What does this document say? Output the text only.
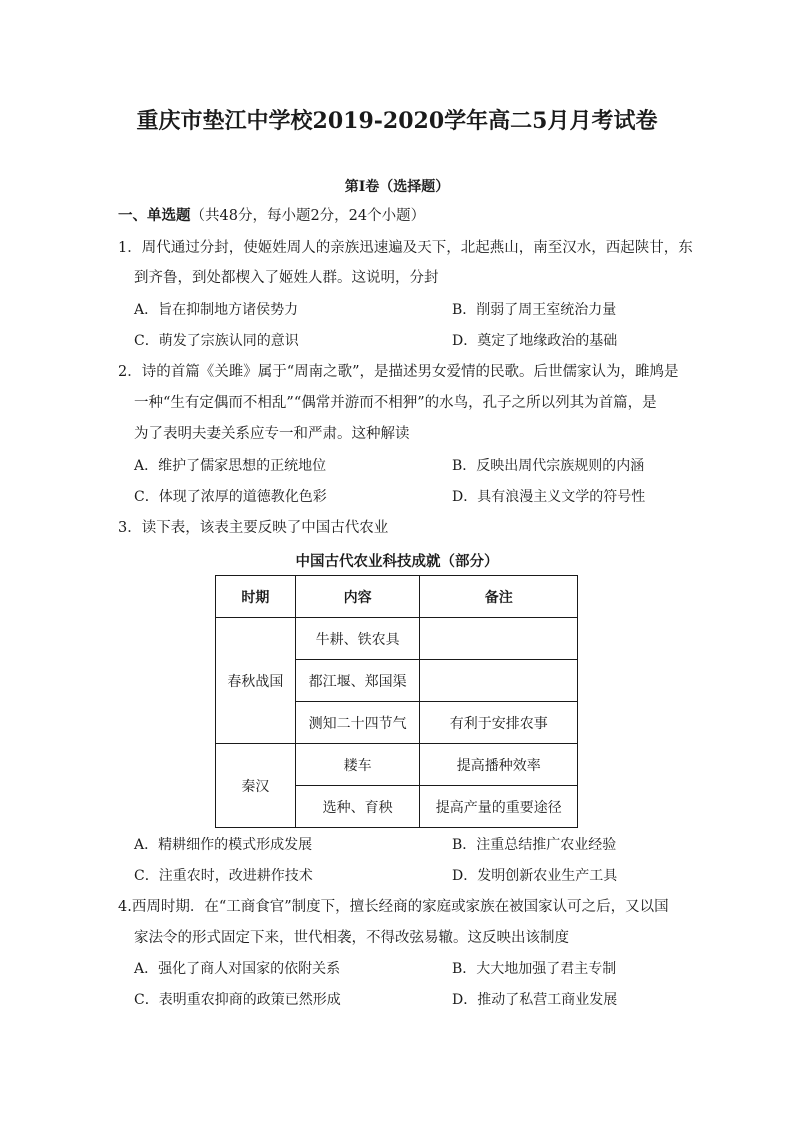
重庆市垫江中学校2019-2020学年高二5月月考试卷
第Ⅰ卷（选择题）
一、单选题（共48分，每小题2分，24个小题）
1．周代通过分封，使姬姓周人的亲族迅速遍及天下，北起燕山，南至汉水，西起陕甘，东
到齐鲁，到处都楔入了姬姓人群。这说明，分封
A．旨在抑制地方诸侯势力	B．削弱了周王室统治力量
C．萌发了宗族认同的意识	D．奠定了地缘政治的基础
2．诗的首篇《关雎》属于“周南之歌”，是描述男女爱情的民歌。后世儒家认为，雎鸠是
一种“生有定偶而不相乱”“偶常并游而不相狎”的水鸟，孔子之所以列其为首篇，是
为了表明夫妻关系应专一和严肃。这种解读
A．维护了儒家思想的正统地位	B．反映出周代宗族规则的内涵
C．体现了浓厚的道德教化色彩	D．具有浪漫主义文学的符号性
3．读下表，该表主要反映了中国古代农业
中国古代农业科技成就（部分）
时期	内容	备注
春秋战国	牛耕、铁农具	
	都江堰、郑国渠	
	测知二十四节气	有利于安排农事
秦汉	耧车	提高播种效率
	选种、育秧	提高产量的重要途径
A．精耕细作的模式形成发展	B．注重总结推广农业经验
C．注重农时，改进耕作技术	D．发明创新农业生产工具
4.西周时期．在“工商食官”制度下，擅长经商的家庭或家族在被国家认可之后，又以国
家法令的形式固定下来，世代相袭，不得改弦易辙。这反映出该制度
A．强化了商人对国家的依附关系	B．大大地加强了君主专制
C．表明重农抑商的政策已然形成	D．推动了私营工商业发展
